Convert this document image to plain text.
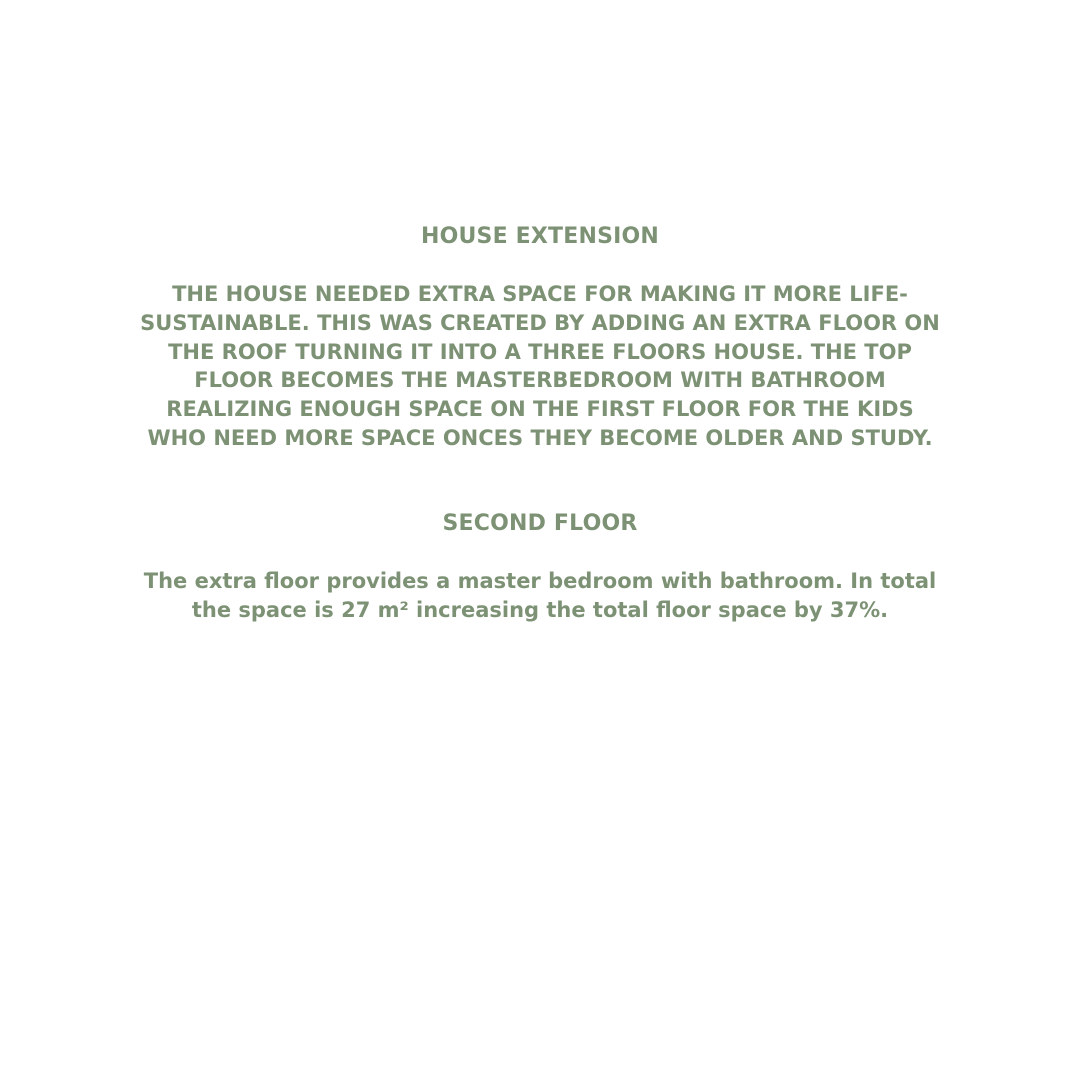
HOUSE EXTENSION

THE HOUSE NEEDED EXTRA SPACE FOR MAKING IT MORE LIFE-SUSTAINABLE. THIS WAS CREATED BY ADDING AN EXTRA FLOOR ON THE ROOF TURNING IT INTO A THREE FLOORS HOUSE. THE TOP FLOOR BECOMES THE MASTERBEDROOM WITH BATHROOM REALIZING ENOUGH SPACE ON THE FIRST FLOOR FOR THE KIDS WHO NEED MORE SPACE ONCES THEY BECOME OLDER AND STUDY.

SECOND FLOOR

The extra floor provides a master bedroom with bathroom. In total the space is 27 m² increasing the total floor space by 37%.
